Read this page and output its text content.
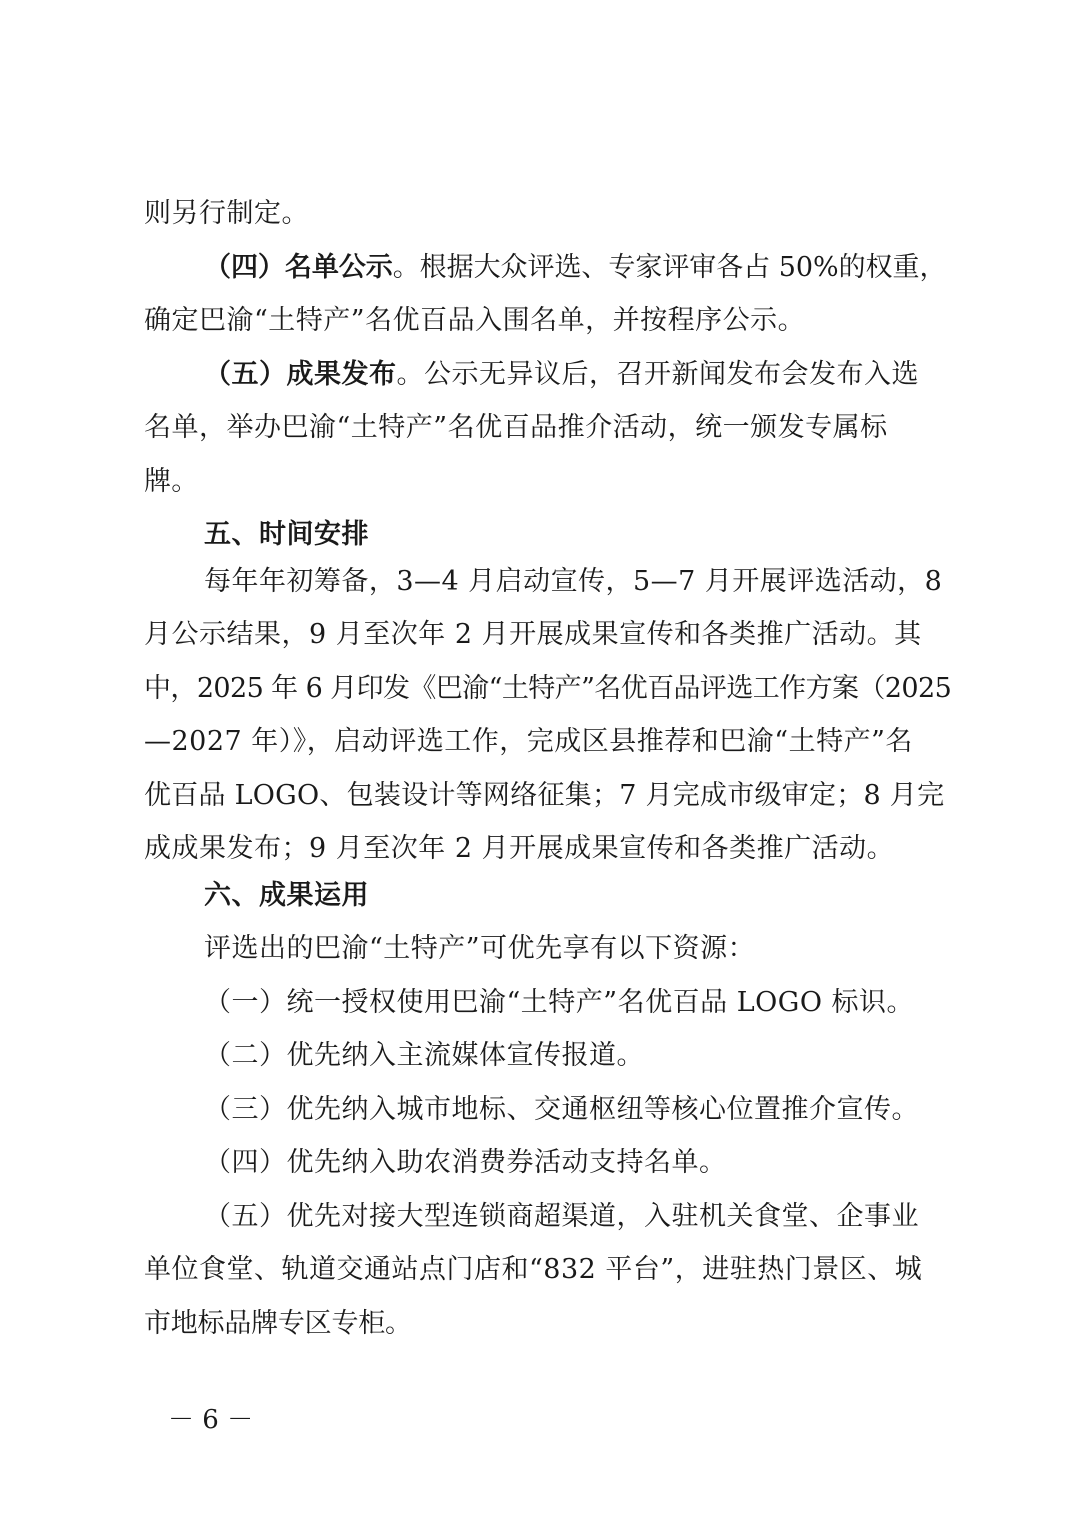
则另行制定。
（四）名单公示。根据大众评选、专家评审各占 50%的权重，
确定巴渝“土特产”名优百品入围名单，并按程序公示。
（五）成果发布。公示无异议后，召开新闻发布会发布入选
名单，举办巴渝“土特产”名优百品推介活动，统一颁发专属标
牌。
五、时间安排
每年年初筹备，3—4 月启动宣传，5—7 月开展评选活动，8
月公示结果，9 月至次年 2 月开展成果宣传和各类推广活动。其
中，2025 年 6 月印发《巴渝“土特产”名优百品评选工作方案（2025
—2027 年）》，启动评选工作，完成区县推荐和巴渝“土特产”名
优百品 LOGO、包装设计等网络征集；7 月完成市级审定；8 月完
成成果发布；9 月至次年 2 月开展成果宣传和各类推广活动。
六、成果运用
评选出的巴渝“土特产”可优先享有以下资源：
（一）统一授权使用巴渝“土特产”名优百品 LOGO 标识。
（二）优先纳入主流媒体宣传报道。
（三）优先纳入城市地标、交通枢纽等核心位置推介宣传。
（四）优先纳入助农消费券活动支持名单。
（五）优先对接大型连锁商超渠道，入驻机关食堂、企事业
单位食堂、轨道交通站点门店和“832 平台”，进驻热门景区、城
市地标品牌专区专柜。
－ 6 －
